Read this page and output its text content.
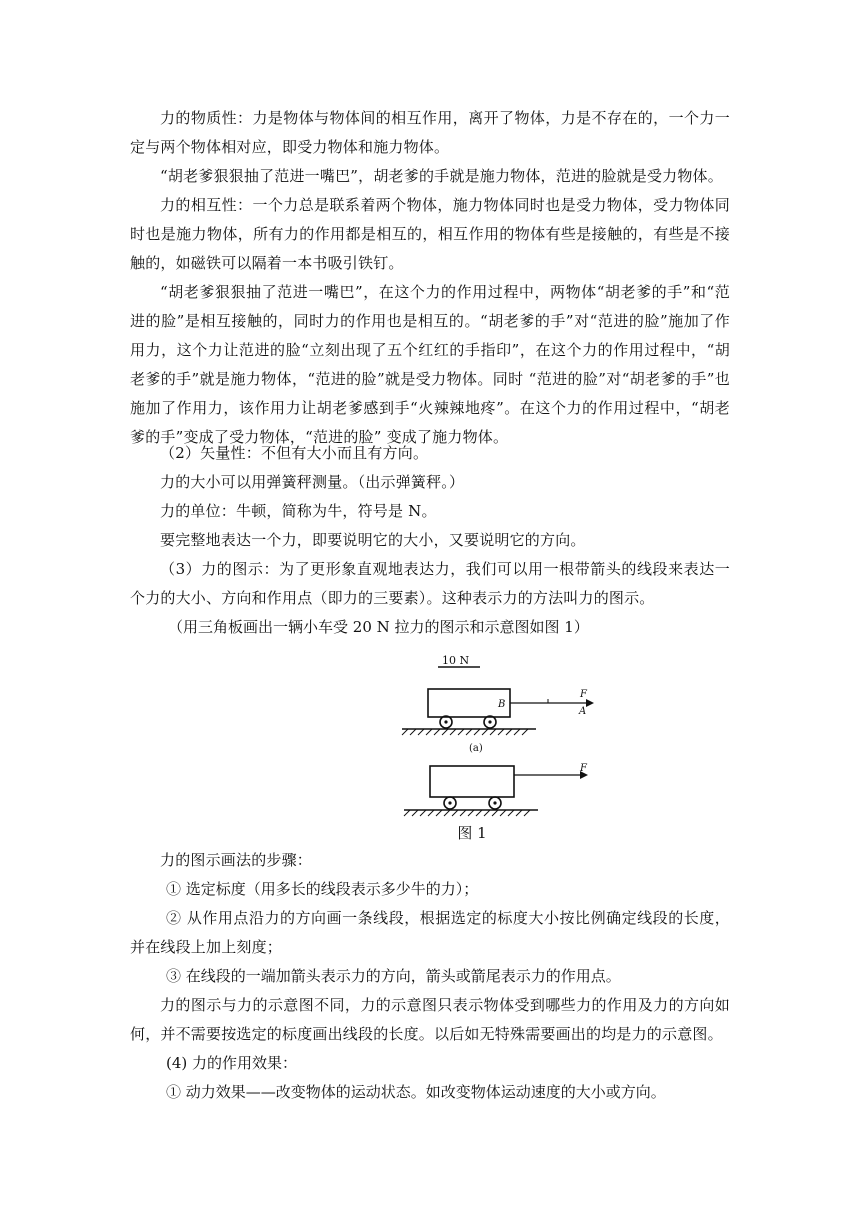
力的物质性：力是物体与物体间的相互作用，离开了物体，力是不存在的，一个力一定与两个物体相对应，即受力物体和施力物体。

“胡老爹狠狠抽了范进一嘴巴”，胡老爹的手就是施力物体，范进的脸就是受力物体。

力的相互性：一个力总是联系着两个物体，施力物体同时也是受力物体，受力物体同时也是施力物体，所有力的作用都是相互的，相互作用的物体有些是接触的，有些是不接触的，如磁铁可以隔着一本书吸引铁钉。

“胡老爹狠狠抽了范进一嘴巴”，在这个力的作用过程中，两物体“胡老爹的手”和“范进的脸”是相互接触的，同时力的作用也是相互的。“胡老爹的手”对“范进的脸”施加了作用力，这个力让范进的脸“立刻出现了五个红红的手指印”，在这个力的作用过程中，“胡老爹的手”就是施力物体，“范进的脸”就是受力物体。同时 “范进的脸”对“胡老爹的手”也施加了作用力，该作用力让胡老爹感到手“火辣辣地疼”。在这个力的作用过程中，“胡老爹的手”变成了受力物体，“范进的脸” 变成了施力物体。

（2）矢量性：不但有大小而且有方向。

力的大小可以用弹簧秤测量。（出示弹簧秤。）

力的单位：牛顿，简称为牛，符号是 N。

要完整地表达一个力，即要说明它的大小，又要说明它的方向。

（3）力的图示：为了更形象直观地表达力，我们可以用一根带箭头的线段来表达一个力的大小、方向和作用点（即力的三要素）。这种表示力的方法叫力的图示。

（用三角板画出一辆小车受 20 N 拉力的图示和示意图如图 1）

10 N
B
F
A
(a)
F
图 1

力的图示画法的步骤：

① 选定标度（用多长的线段表示多少牛的力）；

② 从作用点沿力的方向画一条线段，根据选定的标度大小按比例确定线段的长度，并在线段上加上刻度；

③ 在线段的一端加箭头表示力的方向，箭头或箭尾表示力的作用点。

力的图示与力的示意图不同，力的示意图只表示物体受到哪些力的作用及力的方向如何，并不需要按选定的标度画出线段的长度。以后如无特殊需要画出的均是力的示意图。

(4) 力的作用效果：

① 动力效果——改变物体的运动状态。如改变物体运动速度的大小或方向。
